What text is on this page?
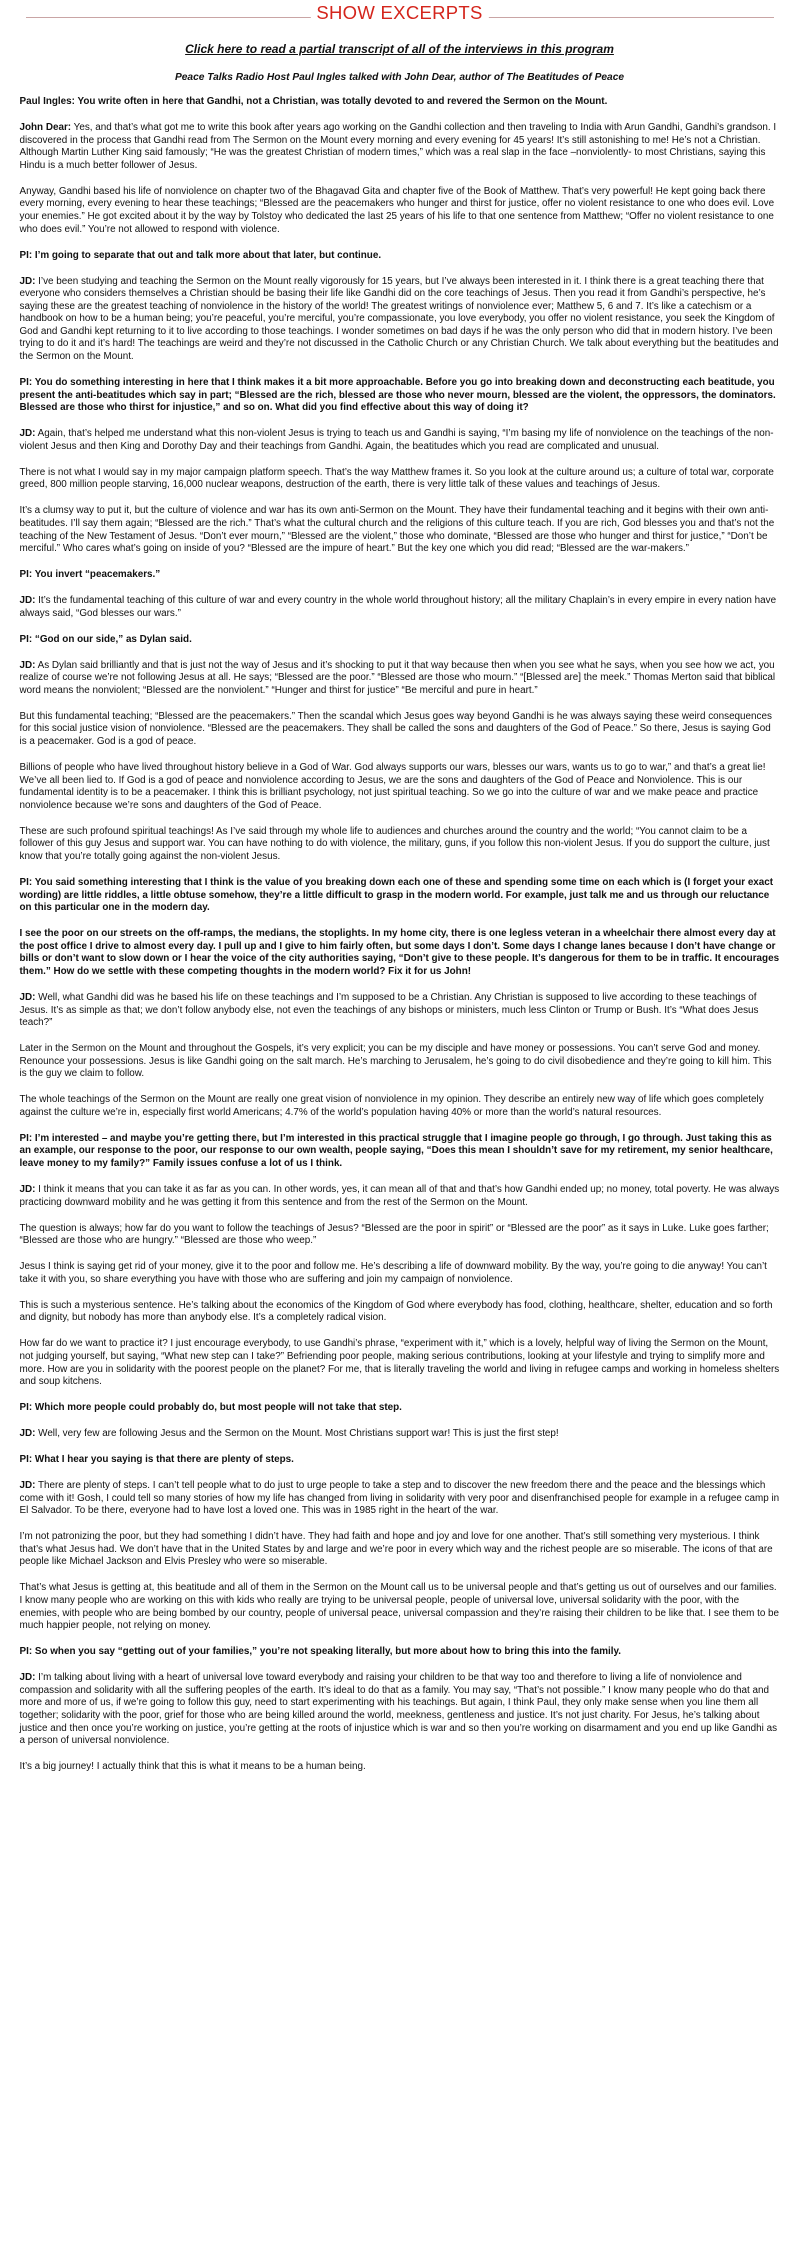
SHOW EXCERPTS
Click here to read a partial transcript of all of the interviews in this program

Peace Talks Radio Host Paul Ingles talked with John Dear, author of The Beatitudes of Peace

Paul Ingles: You write often in here that Gandhi, not a Christian, was totally devoted to and revered the Sermon on the Mount.

John Dear: Yes, and that’s what got me to write this book after years ago working on the Gandhi collection and then traveling to India with Arun Gandhi, Gandhi’s grandson. I discovered in the process that Gandhi read from The Sermon on the Mount every morning and every evening for 45 years! It’s still astonishing to me! He’s not a Christian. Although Martin Luther King said famously; “He was the greatest Christian of modern times,” which was a real slap in the face –nonviolently- to most Christians, saying this Hindu is a much better follower of Jesus.

Anyway, Gandhi based his life of nonviolence on chapter two of the Bhagavad Gita and chapter five of the Book of Matthew. That’s very powerful! He kept going back there every morning, every evening to hear these teachings; “Blessed are the peacemakers who hunger and thirst for justice, offer no violent resistance to one who does evil. Love your enemies.” He got excited about it by the way by Tolstoy who dedicated the last 25 years of his life to that one sentence from Matthew; “Offer no violent resistance to one who does evil.” You’re not allowed to respond with violence.

PI: I’m going to separate that out and talk more about that later, but continue.

JD: I’ve been studying and teaching the Sermon on the Mount really vigorously for 15 years, but I’ve always been interested in it. I think there is a great teaching there that everyone who considers themselves a Christian should be basing their life like Gandhi did on the core teachings of Jesus. Then you read it from Gandhi’s perspective, he’s saying these are the greatest teaching of nonviolence in the history of the world! The greatest writings of nonviolence ever; Matthew 5, 6 and 7. It’s like a catechism or a handbook on how to be a human being; you’re peaceful, you’re merciful, you’re compassionate, you love everybody, you offer no violent resistance, you seek the Kingdom of God and Gandhi kept returning to it to live according to those teachings. I wonder sometimes on bad days if he was the only person who did that in modern history. I’ve been trying to do it and it’s hard! The teachings are weird and they’re not discussed in the Catholic Church or any Christian Church. We talk about everything but the beatitudes and the Sermon on the Mount.

PI: You do something interesting in here that I think makes it a bit more approachable. Before you go into breaking down and deconstructing each beatitude, you present the anti-beatitudes which say in part; “Blessed are the rich, blessed are those who never mourn, blessed are the violent, the oppressors, the dominators. Blessed are those who thirst for injustice,” and so on. What did you find effective about this way of doing it?

JD: Again, that’s helped me understand what this non-violent Jesus is trying to teach us and Gandhi is saying, “I’m basing my life of nonviolence on the teachings of the non-violent Jesus and then King and Dorothy Day and their teachings from Gandhi. Again, the beatitudes which you read are complicated and unusual.

There is not what I would say in my major campaign platform speech. That’s the way Matthew frames it. So you look at the culture around us; a culture of total war, corporate greed, 800 million people starving, 16,000 nuclear weapons, destruction of the earth, there is very little talk of these values and teachings of Jesus.

It’s a clumsy way to put it, but the culture of violence and war has its own anti-Sermon on the Mount. They have their fundamental teaching and it begins with their own anti-beatitudes. I’ll say them again; “Blessed are the rich.” That’s what the cultural church and the religions of this culture teach. If you are rich, God blesses you and that’s not the teaching of the New Testament of Jesus. “Don’t ever mourn,” “Blessed are the violent,” those who dominate, “Blessed are those who hunger and thirst for justice,” “Don’t be merciful.” Who cares what’s going on inside of you? “Blessed are the impure of heart.” But the key one which you did read; “Blessed are the war-makers.”

PI: You invert “peacemakers.”

JD: It’s the fundamental teaching of this culture of war and every country in the whole world throughout history; all the military Chaplain’s in every empire in every nation have always said, “God blesses our wars.”

PI: “God on our side,” as Dylan said.

JD: As Dylan said brilliantly and that is just not the way of Jesus and it’s shocking to put it that way because then when you see what he says, when you see how we act, you realize of course we’re not following Jesus at all. He says; “Blessed are the poor.” “Blessed are those who mourn.” “[Blessed are] the meek.” Thomas Merton said that biblical word means the nonviolent; “Blessed are the nonviolent.” “Hunger and thirst for justice” “Be merciful and pure in heart.”

But this fundamental teaching; “Blessed are the peacemakers.” Then the scandal which Jesus goes way beyond Gandhi is he was always saying these weird consequences for this social justice vision of nonviolence. “Blessed are the peacemakers. They shall be called the sons and daughters of the God of Peace.” So there, Jesus is saying God is a peacemaker. God is a god of peace.

Billions of people who have lived throughout history believe in a God of War. God always supports our wars, blesses our wars, wants us to go to war,” and that’s a great lie! We’ve all been lied to. If God is a god of peace and nonviolence according to Jesus, we are the sons and daughters of the God of Peace and Nonviolence. This is our fundamental identity is to be a peacemaker. I think this is brilliant psychology, not just spiritual teaching. So we go into the culture of war and we make peace and practice nonviolence because we’re sons and daughters of the God of Peace.

These are such profound spiritual teachings! As I’ve said through my whole life to audiences and churches around the country and the world; “You cannot claim to be a follower of this guy Jesus and support war. You can have nothing to do with violence, the military, guns, if you follow this non-violent Jesus. If you do support the culture, just know that you’re totally going against the non-violent Jesus.

PI: You said something interesting that I think is the value of you breaking down each one of these and spending some time on each which is (I forget your exact wording) are little riddles, a little obtuse somehow, they’re a little difficult to grasp in the modern world. For example, just talk me and us through our reluctance on this particular one in the modern day.

I see the poor on our streets on the off-ramps, the medians, the stoplights. In my home city, there is one legless veteran in a wheelchair there almost every day at the post office I drive to almost every day. I pull up and I give to him fairly often, but some days I don’t. Some days I change lanes because I don’t have change or bills or don’t want to slow down or I hear the voice of the city authorities saying, “Don’t give to these people. It’s dangerous for them to be in traffic. It encourages them.” How do we settle with these competing thoughts in the modern world? Fix it for us John!

JD: Well, what Gandhi did was he based his life on these teachings and I’m supposed to be a Christian. Any Christian is supposed to live according to these teachings of Jesus. It’s as simple as that; we don’t follow anybody else, not even the teachings of any bishops or ministers, much less Clinton or Trump or Bush. It’s “What does Jesus teach?”

Later in the Sermon on the Mount and throughout the Gospels, it’s very explicit; you can be my disciple and have money or possessions. You can’t serve God and money. Renounce your possessions. Jesus is like Gandhi going on the salt march. He’s marching to Jerusalem, he’s going to do civil disobedience and they’re going to kill him. This is the guy we claim to follow.

The whole teachings of the Sermon on the Mount are really one great vision of nonviolence in my opinion. They describe an entirely new way of life which goes completely against the culture we’re in, especially first world Americans; 4.7% of the world’s population having 40% or more than the world’s natural resources.

PI: I’m interested – and maybe you’re getting there, but I’m interested in this practical struggle that I imagine people go through, I go through. Just taking this as an example, our response to the poor, our response to our own wealth, people saying, “Does this mean I shouldn’t save for my retirement, my senior healthcare, leave money to my family?” Family issues confuse a lot of us I think.

JD: I think it means that you can take it as far as you can. In other words, yes, it can mean all of that and that’s how Gandhi ended up; no money, total poverty. He was always practicing downward mobility and he was getting it from this sentence and from the rest of the Sermon on the Mount.

The question is always; how far do you want to follow the teachings of Jesus? “Blessed are the poor in spirit” or “Blessed are the poor” as it says in Luke. Luke goes farther; “Blessed are those who are hungry.” “Blessed are those who weep.”

Jesus I think is saying get rid of your money, give it to the poor and follow me. He’s describing a life of downward mobility. By the way, you’re going to die anyway! You can’t take it with you, so share everything you have with those who are suffering and join my campaign of nonviolence.

This is such a mysterious sentence. He’s talking about the economics of the Kingdom of God where everybody has food, clothing, healthcare, shelter, education and so forth and dignity, but nobody has more than anybody else. It’s a completely radical vision.

How far do we want to practice it? I just encourage everybody, to use Gandhi’s phrase, “experiment with it,” which is a lovely, helpful way of living the Sermon on the Mount, not judging yourself, but saying, “What new step can I take?” Befriending poor people, making serious contributions, looking at your lifestyle and trying to simplify more and more. How are you in solidarity with the poorest people on the planet? For me, that is literally traveling the world and living in refugee camps and working in homeless shelters and soup kitchens.

PI: Which more people could probably do, but most people will not take that step.

JD: Well, very few are following Jesus and the Sermon on the Mount. Most Christians support war! This is just the first step!

PI: What I hear you saying is that there are plenty of steps.

JD: There are plenty of steps. I can’t tell people what to do just to urge people to take a step and to discover the new freedom there and the peace and the blessings which come with it! Gosh, I could tell so many stories of how my life has changed from living in solidarity with very poor and disenfranchised people for example in a refugee camp in El Salvador. To be there, everyone had to have lost a loved one. This was in 1985 right in the heart of the war.

I’m not patronizing the poor, but they had something I didn’t have. They had faith and hope and joy and love for one another. That’s still something very mysterious. I think that’s what Jesus had. We don’t have that in the United States by and large and we’re poor in every which way and the richest people are so miserable. The icons of that are people like Michael Jackson and Elvis Presley who were so miserable.

That’s what Jesus is getting at, this beatitude and all of them in the Sermon on the Mount call us to be universal people and that’s getting us out of ourselves and our families. I know many people who are working on this with kids who really are trying to be universal people, people of universal love, universal solidarity with the poor, with the enemies, with people who are being bombed by our country, people of universal peace, universal compassion and they’re raising their children to be like that. I see them to be much happier people, not relying on money.

PI: So when you say “getting out of your families,” you’re not speaking literally, but more about how to bring this into the family.

JD: I’m talking about living with a heart of universal love toward everybody and raising your children to be that way too and therefore to living a life of nonviolence and compassion and solidarity with all the suffering peoples of the earth. It’s ideal to do that as a family. You may say, “That’s not possible.” I know many people who do that and more and more of us, if we’re going to follow this guy, need to start experimenting with his teachings. But again, I think Paul, they only make sense when you line them all together; solidarity with the poor, grief for those who are being killed around the world, meekness, gentleness and justice. It’s not just charity. For Jesus, he’s talking about justice and then once you’re working on justice, you’re getting at the roots of injustice which is war and so then you’re working on disarmament and you end up like Gandhi as a person of universal nonviolence.

It’s a big journey! I actually think that this is what it means to be a human being.
